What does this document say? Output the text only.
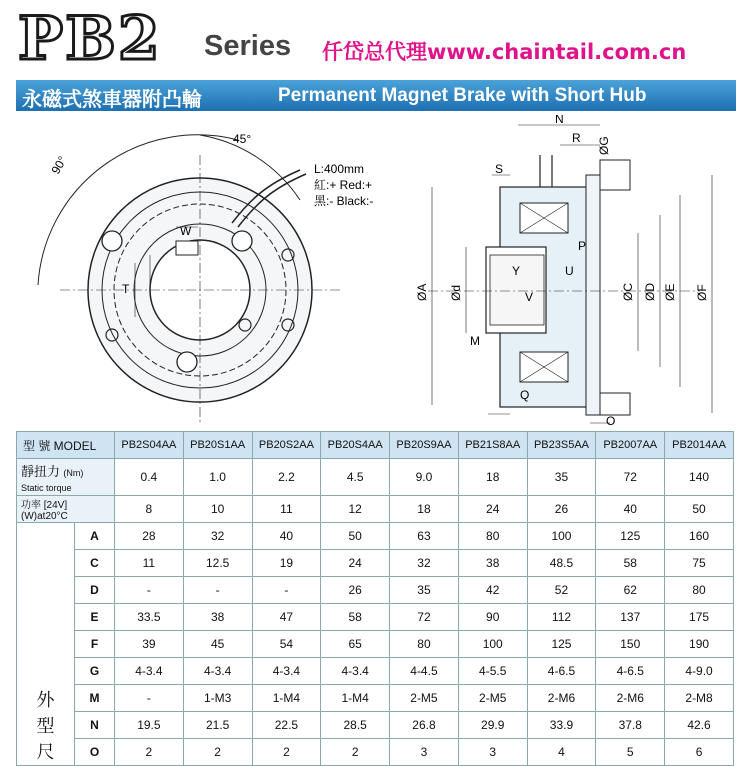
PB2 Series 仟岱总代理www.chaintail.com.cn
永磁式煞車器附凸輪	Permanent Magnet Brake with Short Hub
45°
90°	L:400mm
紅:+ Red:+
黑:- Black:-
W
T
N
R ØG
S
P
Y	U
V
M
Q
O
ØA Ød	ØC ØD ØE ØF
型 號 MODEL		PB2S04AA	PB20S1AA	PB20S2AA	PB20S4AA	PB20S9AA	PB21S8AA	PB23S5AA	PB2007AA	PB2014AA
靜扭力 (Nm)
Static torque		0.4	1.0	2.2	4.5	9.0	18	35	72	140
功率 [24V] (W)at20°C		8	10	11	12	18	24	26	40	50

外
型
尺	A	28	32	40	50	63	80	100	125	160
	C	11	12.5	19	24	32	38	48.5	58	75
	D	-	-	-	26	35	42	52	62	80
	E	33.5	38	47	58	72	90	112	137	175
	F	39	45	54	65	80	100	125	150	190
	G	4-3.4	4-3.4	4-3.4	4-3.4	4-4.5	4-5.5	4-6.5	4-6.5	4-9.0
	M	-	1-M3	1-M4	1-M4	2-M5	2-M5	2-M6	2-M6	2-M8
	N	19.5	21.5	22.5	28.5	26.8	29.9	33.9	37.8	42.6
	O	2	2	2	2	3	3	4	5	6
